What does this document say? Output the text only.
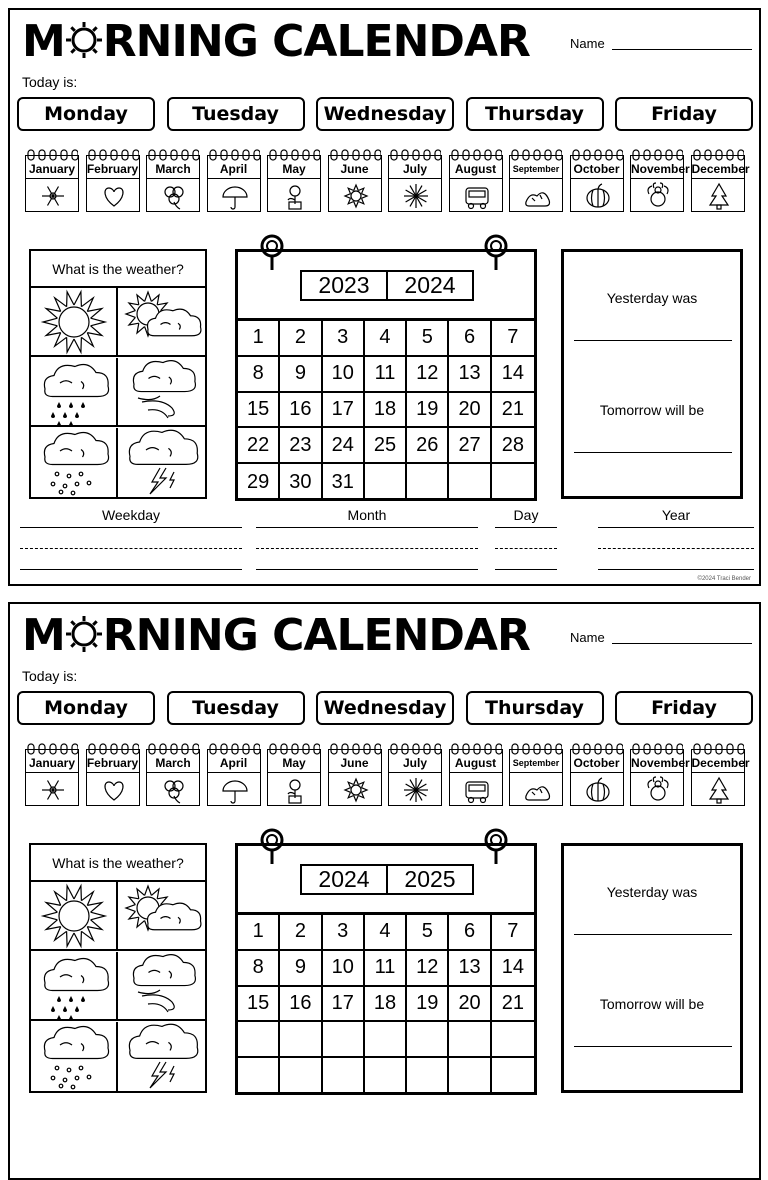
M RNING CALENDAR	Name
Today is:
Monday	Tuesday	Wednesday	Thursday	Friday
January February	March	April	May	June	July	August	September October November December
What is the weather?
2023	2024
1	2	3	4	5	6	7
8	9	10	11	12	13	14
15	16	17	18	19	20	21
22	23	24	25	26	27	28
29	30	31
Yesterday was
Tomorrow will be
Weekday	Month	Day	Year
©2024 Traci Bender
M RNING CALENDAR	Name
Today is:
Monday	Tuesday	Wednesday	Thursday	Friday
January February	March	April	May	June	July	August	September October November December
What is the weather?
2024	2025
1	2	3	4	5	6	7
8	9	10	11	12	13	14
15	16	17	18	19	20	21
Yesterday was
Tomorrow will be
